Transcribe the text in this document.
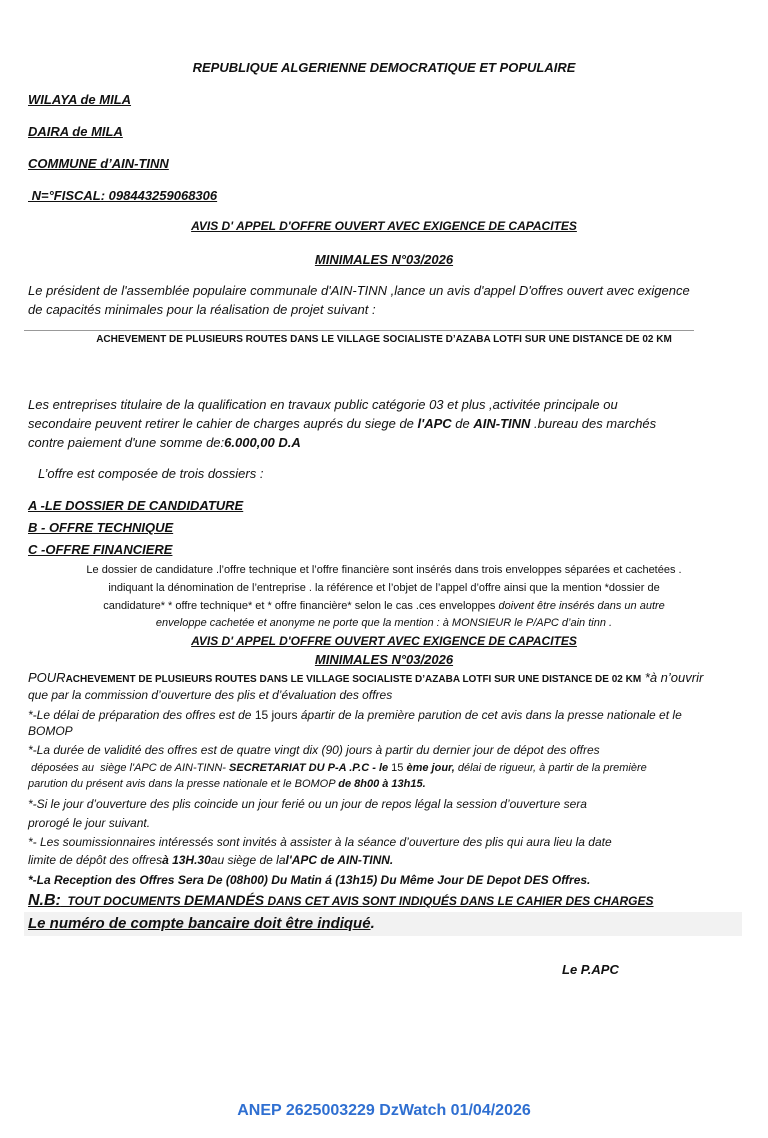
REPUBLIQUE ALGERIENNE DEMOCRATIQUE ET POPULAIRE
WILAYA de MILA
DAIRA de MILA
COMMUNE d’AIN-TINN
N=°FISCAL: 098443259068306
AVIS D' APPEL D'OFFRE OUVERT AVEC EXIGENCE DE CAPACITES
MINIMALES N°03/2026
Le président de l'assemblée populaire communale d'AIN-TINN ,lance un avis d'appel D'offres ouvert avec exigence
de capacités minimales pour la réalisation de projet suivant :
ACHEVEMENT DE PLUSIEURS ROUTES DANS LE VILLAGE SOCIALISTE D’AZABA LOTFI SUR UNE DISTANCE DE 02 KM
Les entreprises titulaire de la qualification en travaux public catégorie 03 et plus ,activitée principale ou
secondaire peuvent retirer le cahier de charges auprés du siege de l'APC de AIN-TINN .bureau des marchés
contre paiement d'une somme de:6.000,00 D.A
L’offre est composée de trois dossiers :
A -LE DOSSIER DE CANDIDATURE
B - OFFRE TECHNIQUE
C -OFFRE FINANCIERE
Le dossier de candidature .l’offre technique et l’offre financière sont insérés dans trois enveloppes séparées et cachetées .
indiquant la dénomination de l’entreprise . la référence et l’objet de l’appel d’offre ainsi que la mention *dossier de
candidature* * offre technique* et * offre financière* selon le cas .ces enveloppes doivent être insérés dans un autre
enveloppe cachetée et anonyme ne porte que la mention : à MONSIEUR le P/APC d’ain tinn .
AVIS D' APPEL D'OFFRE OUVERT AVEC EXIGENCE DE CAPACITES
MINIMALES N°03/2026
POURACHEVEMENT DE PLUSIEURS ROUTES DANS LE VILLAGE SOCIALISTE D’AZABA LOTFI SUR UNE DISTANCE DE 02 KM *à n’ouvrir
que par la commission d’ouverture des plis et d’évaluation des offres
*-Le délai de préparation des offres est de 15 jours ápartir de la première parution de cet avis dans la presse nationale et le
BOMOP
*-La durée de validité des offres est de quatre vingt dix (90) jours à partir du dernier jour de dépot des offres
déposées au  siège l'APC de AIN-TINN- SECRETARIAT DU P-A .P.C - le 15 ème jour, délai de rigueur, à partir de la première
parution du présent avis dans la presse nationale et le BOMOP de 8h00 à 13h15.
*-Si le jour d’ouverture des plis coincide un jour ferié ou un jour de repos légal la session d’ouverture sera
prorogé le jour suivant.
*- Les soumissionnaires intéressés sont invités à assister à la séance d’ouverture des plis qui aura lieu la date
limite de dépôt des offresà 13H.30au siège de lal'APC de AIN-TINN.
*-La Reception des Offres Sera De (08h00) Du Matin á (13h15) Du Même Jour DE Depot DES Offres.
N.B:  TOUT DOCUMENTS DEMANDÉS DANS CET AVIS SONT INDIQUÉS DANS LE CAHIER DES CHARGES
Le numéro de compte bancaire doit être indiqué.
Le P.APC
ANEP 2625003229 DzWatch 01/04/2026
